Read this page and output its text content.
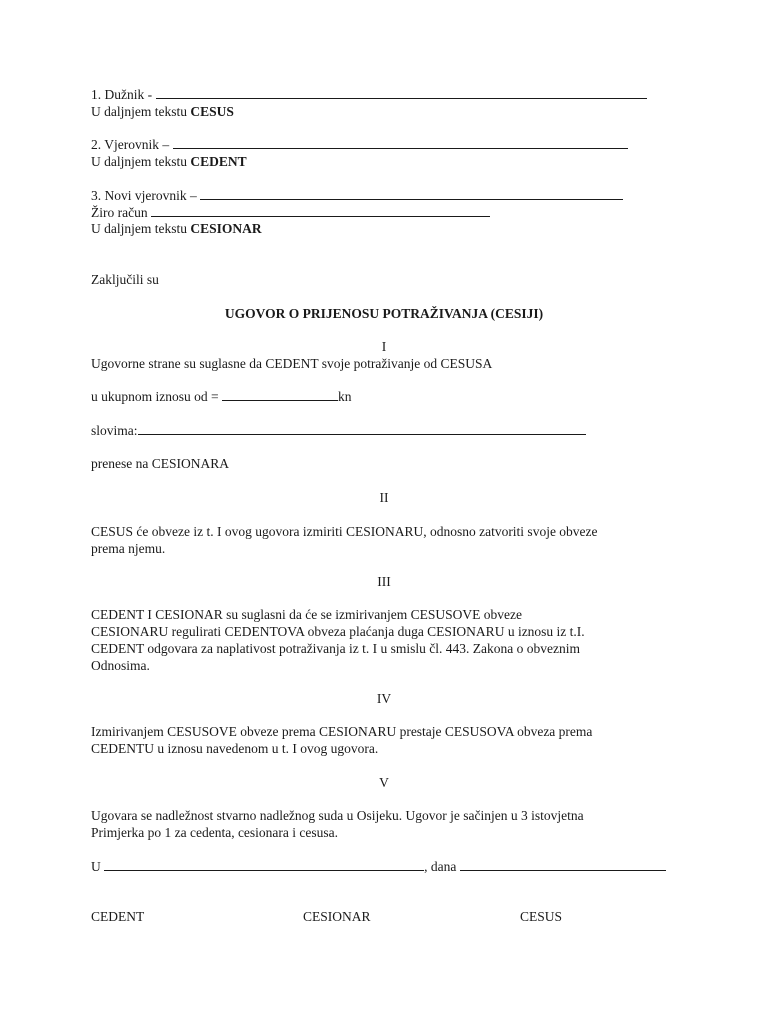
1. Dužnik -
U daljnjem tekstu CESUS
2. Vjerovnik –
U daljnjem tekstu CEDENT
3. Novi vjerovnik –
Žiro račun
U daljnjem tekstu CESIONAR
Zaključili su
UGOVOR O PRIJENOSU POTRAŽIVANJA (CESIJI)
I
Ugovorne strane su suglasne da CEDENT svoje potraživanje od CESUSA
u ukupnom iznosu od =	kn
slovima:
prenese na CESIONARA
II
CESUS će obveze iz t. I ovog ugovora izmiriti CESIONARU, odnosno zatvoriti svoje obveze
prema njemu.
III
CEDENT I CESIONAR su suglasni da će se izmirivanjem CESUSOVE obveze
CESIONARU regulirati CEDENTOVA obveza plaćanja duga CESIONARU u iznosu iz t.I.
CEDENT odgovara za naplativost potraživanja iz t. I u smislu čl. 443. Zakona o obveznim
Odnosima.
IV
Izmirivanjem CESUSOVE obveze prema CESIONARU prestaje CESUSOVA obveza prema
CEDENTU u iznosu navedenom u t. I ovog ugovora.
V
Ugovara se nadležnost stvarno nadležnog suda u Osijeku. Ugovor je sačinjen u 3 istovjetna
Primjerka po 1 za cedenta, cesionara i cesusa.
U	, dana
CEDENT	CESIONAR	CESUS
